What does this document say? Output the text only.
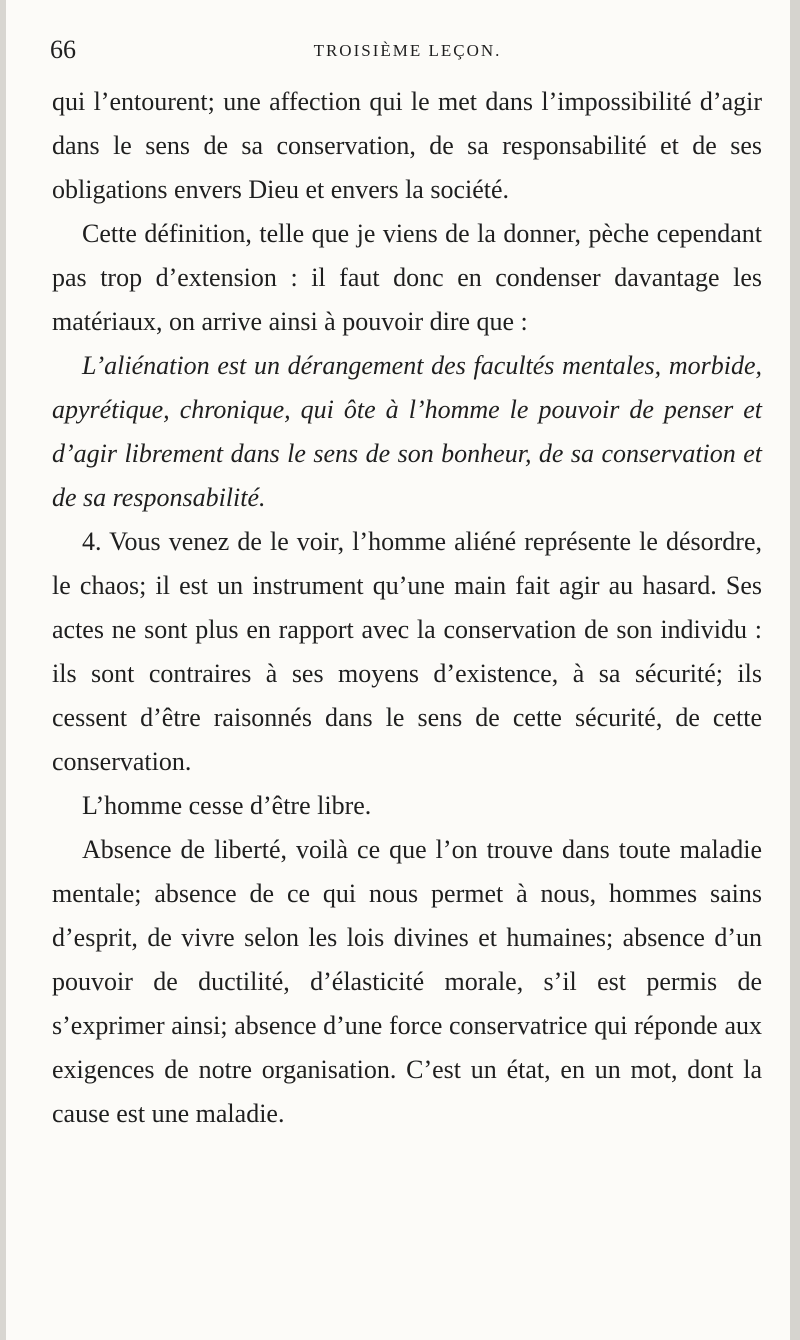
66	TROISIÈME LEÇON.

qui l’entourent; une affection qui le met dans l’impossibilité d’agir dans le sens de sa conservation, de sa responsabilité et de ses obligations envers Dieu et envers la société.

Cette définition, telle que je viens de la donner, pèche cependant pas trop d’extension : il faut donc en condenser davantage les matériaux, on arrive ainsi à pouvoir dire que :

L’aliénation est un dérangement des facultés mentales, morbide, apyrétique, chronique, qui ôte à l’homme le pouvoir de penser et d’agir librement dans le sens de son bonheur, de sa conservation et de sa responsabilité.

4. Vous venez de le voir, l’homme aliéné représente le désordre, le chaos; il est un instrument qu’une main fait agir au hasard. Ses actes ne sont plus en rapport avec la conservation de son individu : ils sont contraires à ses moyens d’existence, à sa sécurité; ils cessent d’être raisonnés dans le sens de cette sécurité, de cette conservation.

L’homme cesse d’être libre.

Absence de liberté, voilà ce que l’on trouve dans toute maladie mentale; absence de ce qui nous permet à nous, hommes sains d’esprit, de vivre selon les lois divines et humaines; absence d’un pouvoir de ductilité, d’élasticité morale, s’il est permis de s’exprimer ainsi; absence d’une force conservatrice qui réponde aux exigences de notre organisation. C’est un état, en un mot, dont la cause est une maladie.
